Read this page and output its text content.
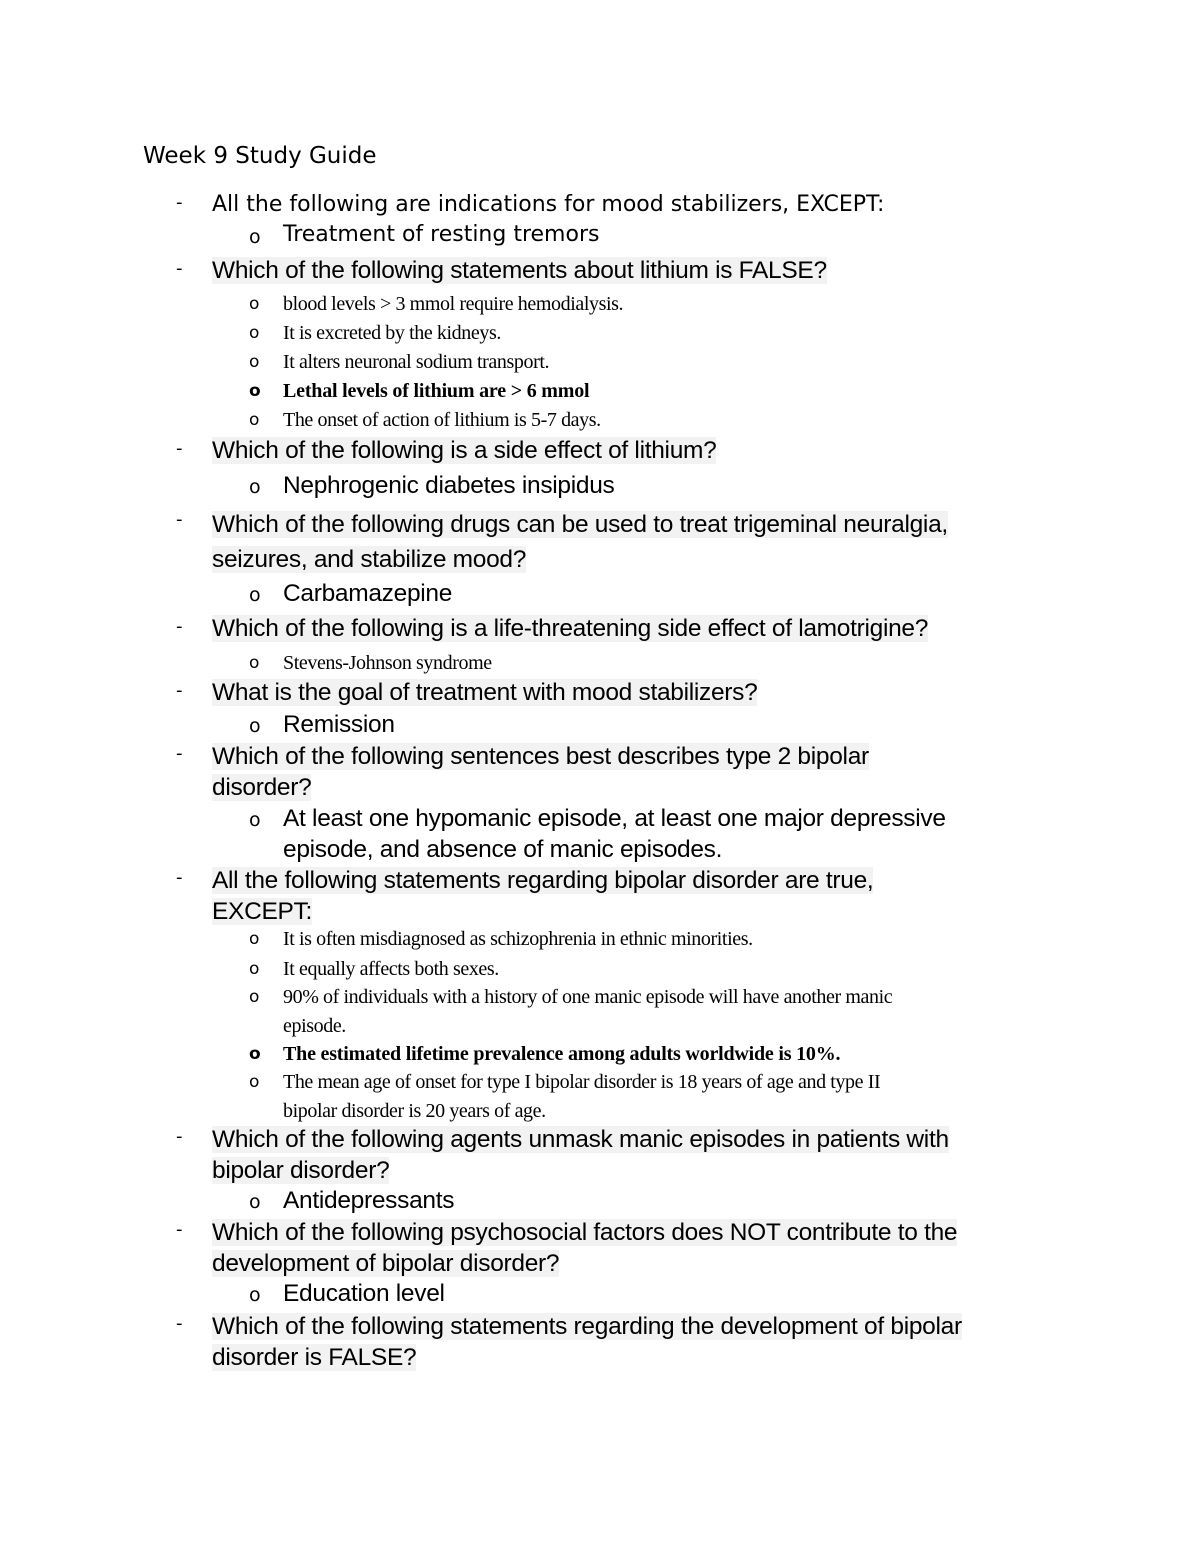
Week 9 Study Guide
- All the following are indications for mood stabilizers, EXCEPT:
o Treatment of resting tremors
- Which of the following statements about lithium is FALSE?
o blood levels > 3 mmol require hemodialysis.
o It is excreted by the kidneys.
o It alters neuronal sodium transport.
o Lethal levels of lithium are > 6 mmol
o The onset of action of lithium is 5-7 days.
- Which of the following is a side effect of lithium?
o Nephrogenic diabetes insipidus
- Which of the following drugs can be used to treat trigeminal neuralgia,
seizures, and stabilize mood?
o Carbamazepine
- Which of the following is a life-threatening side effect of lamotrigine?
o Stevens-Johnson syndrome
- What is the goal of treatment with mood stabilizers?
o Remission
- Which of the following sentences best describes type 2 bipolar
disorder?
o At least one hypomanic episode, at least one major depressive
episode, and absence of manic episodes.
- All the following statements regarding bipolar disorder are true,
EXCEPT:
o It is often misdiagnosed as schizophrenia in ethnic minorities.
o It equally affects both sexes.
o 90% of individuals with a history of one manic episode will have another manic
episode.
o The estimated lifetime prevalence among adults worldwide is 10%.
o The mean age of onset for type I bipolar disorder is 18 years of age and type II
bipolar disorder is 20 years of age.
- Which of the following agents unmask manic episodes in patients with
bipolar disorder?
o Antidepressants
- Which of the following psychosocial factors does NOT contribute to the
development of bipolar disorder?
o Education level
- Which of the following statements regarding the development of bipolar
disorder is FALSE?
